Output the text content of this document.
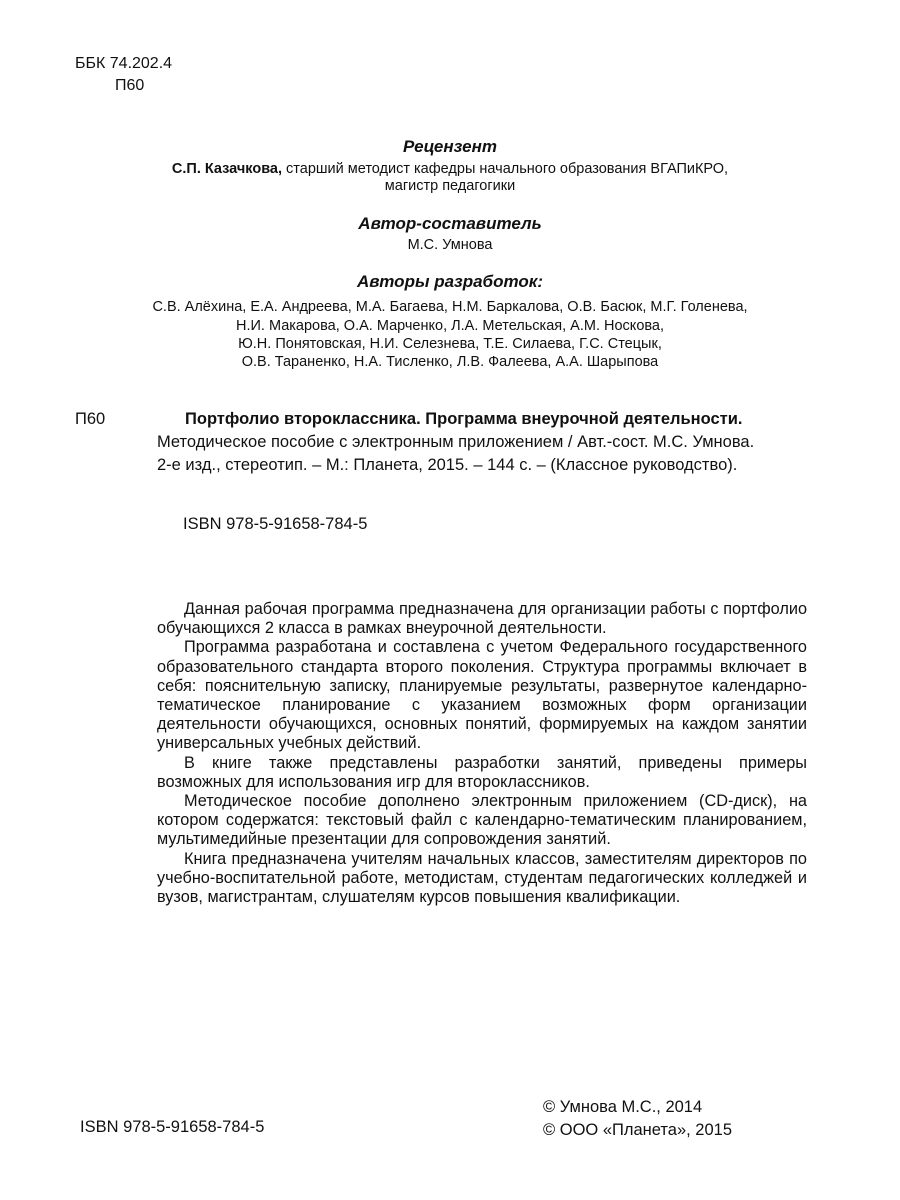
ББК 74.202.4
П60
Рецензент
С.П. Казачкова, старший методист кафедры начального образования ВГАПиКРО,
магистр педагогики
Автор-составитель
М.С. Умнова
Авторы разработок:
С.В. Алёхина, Е.А. Андреева, М.А. Багаева, Н.М. Баркалова, О.В. Басюк, М.Г. Голенева,
Н.И. Макарова, О.А. Марченко, Л.А. Метельская, А.М. Носкова,
Ю.Н. Понятовская, Н.И. Селезнева, Т.Е. Силаева, Г.С. Стецык,
О.В. Тараненко, Н.А. Тисленко, Л.В. Фалеева, А.А. Шарыпова
П60	Портфолио второклассника. Программа внеурочной деятельности.
Методическое пособие с электронным приложением / Авт.-сост. М.С. Умнова.
2-е изд., стереотип. – М.: Планета, 2015. – 144 с. – (Классное руководство).
ISBN 978-5-91658-784-5

Данная рабочая программа предназначена для организации работы с портфолио обучающихся 2 класса в рамках внеурочной деятельности.

Программа разработана и составлена с учетом Федерального государственного образовательного стандарта второго поколения. Структура программы включает в себя: пояснительную записку, планируемые результаты, развернутое календарно-тематическое планирование с указанием возможных форм организации деятельности обучающихся, основных понятий, формируемых на каждом занятии универсальных учебных действий.

В книге также представлены разработки занятий, приведены примеры возможных для использования игр для второклассников.

Методическое пособие дополнено электронным приложением (CD-диск), на котором содержатся: текстовый файл с календарно-тематическим планированием, мультимедийные презентации для сопровождения занятий.

Книга предназначена учителям начальных классов, заместителям директоров по учебно-воспитательной работе, методистам, студентам педагогических колледжей и вузов, магистрантам, слушателям курсов повышения квалификации.

ISBN 978-5-91658-784-5
© Умнова М.С., 2014
© ООО «Планета», 2015
